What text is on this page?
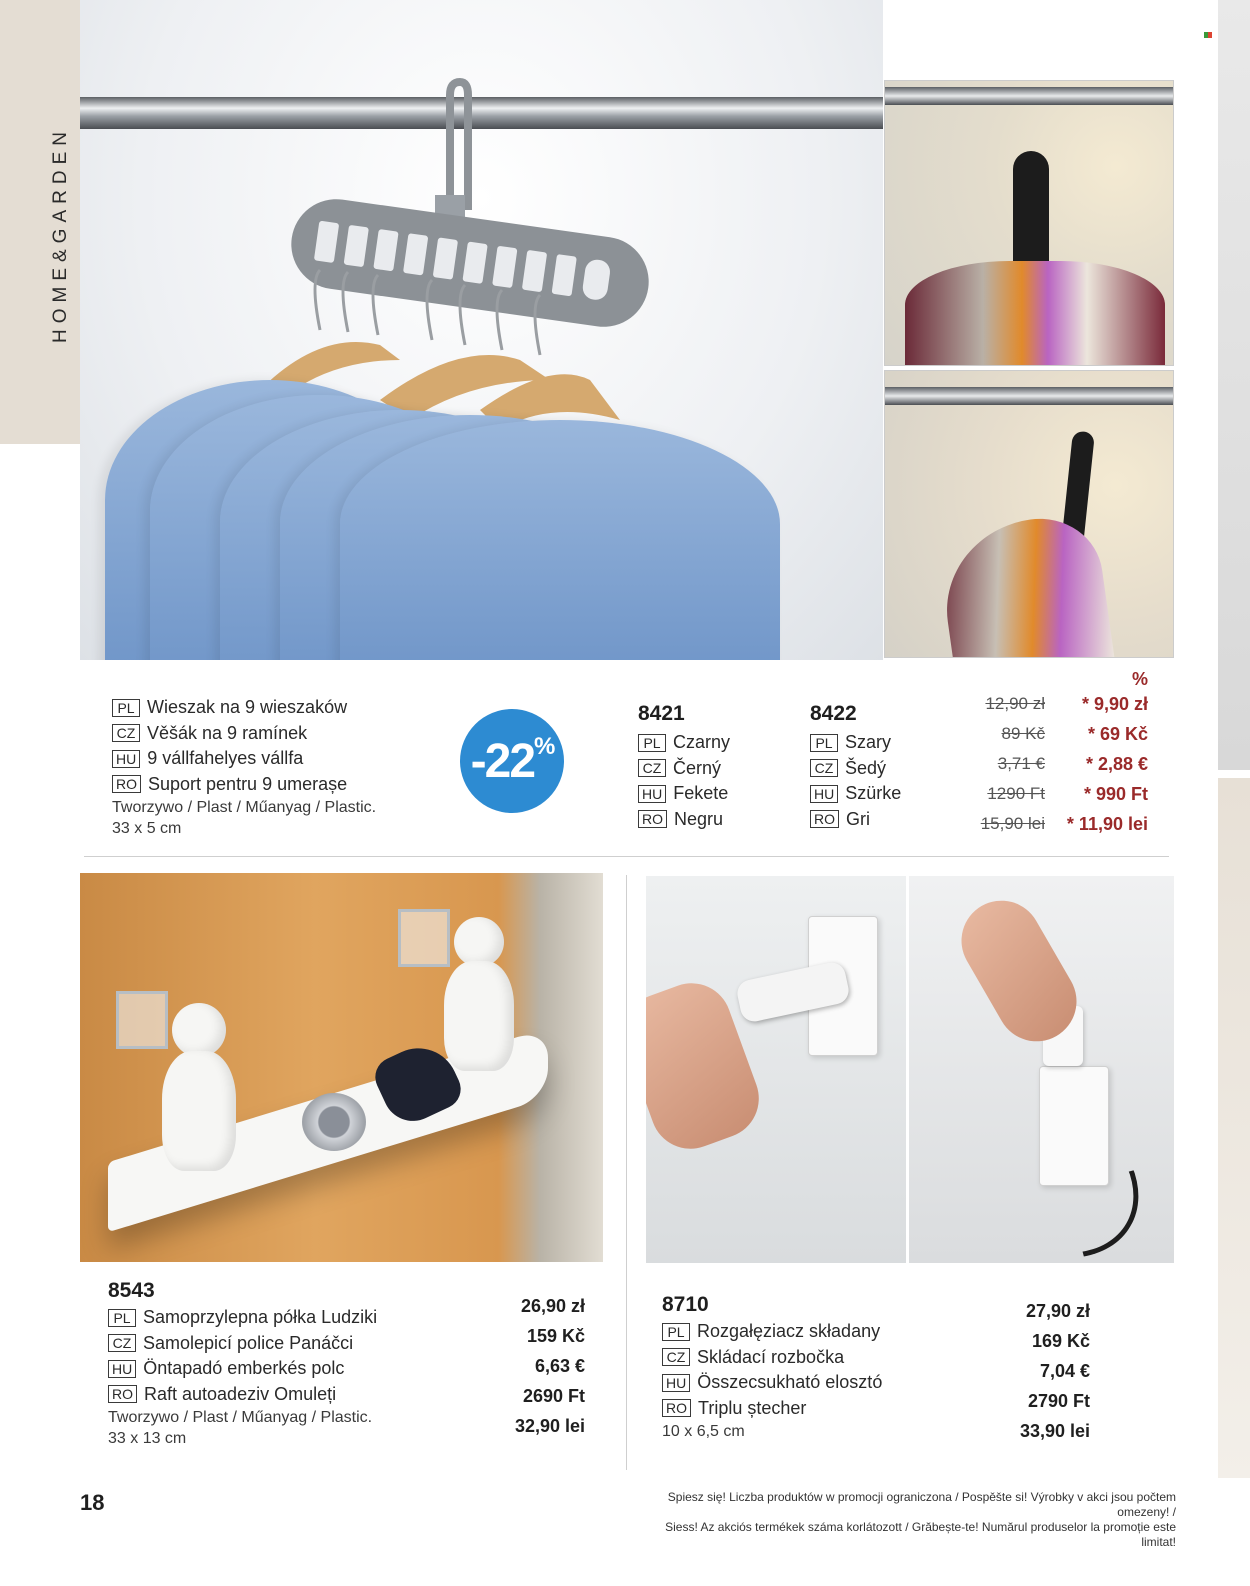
HOME&GARDEN
PL Wieszak na 9 wieszaków
CZ Věšák na 9 ramínek
HU 9 vállfahelyes vállfa
RO Suport pentru 9 umerașe
Tworzywo / Plast / Műanyag / Plastic.
33 x 5 cm
-22 %
8421
PL Czarny
CZ Černý
HU Fekete
RO Negru
8422
PL Szary
CZ Šedý
HU Szürke
RO Gri
12,90 zł
89 Kč
3,71 €
1290 Ft
15,90 lei
%
* 9,90 zł
* 69 Kč
* 2,88 €
* 990 Ft
* 11,90 lei
8543
PL Samoprzylepna półka Ludziki
CZ Samolepicí police Panáčci
HU Öntapadó emberkés polc
RO Raft autoadeziv Omuleți
Tworzywo / Plast / Műanyag / Plastic.
33 x 13 cm
26,90 zł
159 Kč
6,63 €
2690 Ft
32,90 lei
8710
PL Rozgałęziacz składany
CZ Skládací rozbočka
HU Összecsukható elosztó
RO Triplu ștecher
10 x 6,5 cm
27,90 zł
169 Kč
7,04 €
2790 Ft
33,90 lei
18	Spiesz się! Liczba produktów w promocji ograniczona / Pospěšte si! Výrobky v akci jsou počtem omezeny! /
Siess! Az akciós termékek száma korlátozott / Grăbește-te! Numărul produselor la promoție este limitat!
